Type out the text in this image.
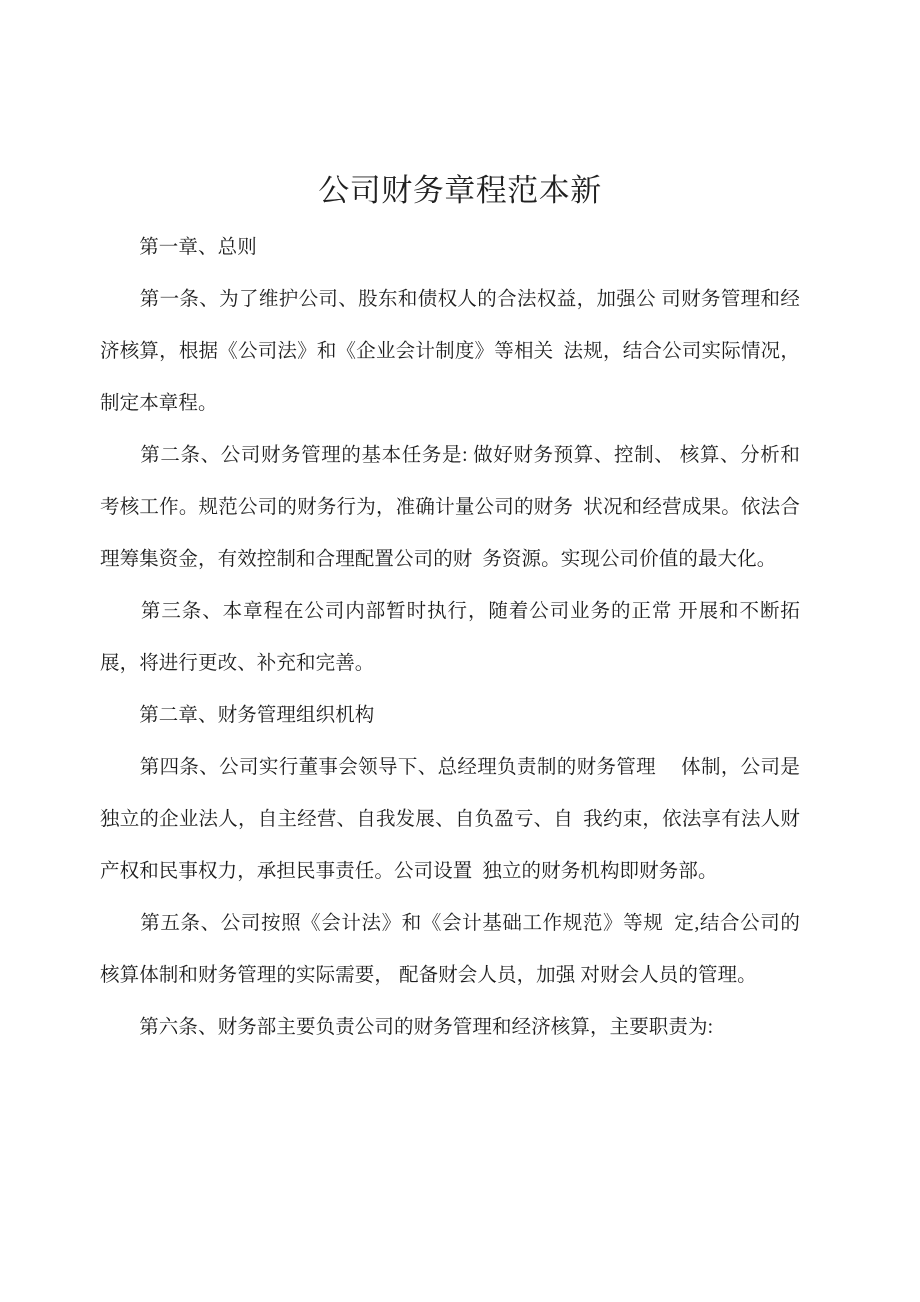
公司财务章程范本新

　　第一章、总则

　　第一条、为了维护公司、股东和债权人的合法权益，加强公 司财务管理和经济核算，根据《公司法》和《企业会计制度》等相关  法规，结合公司实际情况，制定本章程。

　　第二条、公司财务管理的基本任务是: 做好财务预算、控制、 核算、分析和考核工作。规范公司的财务行为，准确计量公司的财务  状况和经营成果。依法合理筹集资金，有效控制和合理配置公司的财  务资源。实现公司价值的最大化。

　　第三条、本章程在公司内部暂时执行，随着公司业务的正常 开展和不断拓展，将进行更改、补充和完善。

　　第二章、财务管理组织机构

　　第四条、公司实行董事会领导下、总经理负责制的财务管理　 体制，公司是独立的企业法人，自主经营、自我发展、自负盈亏、自  我约束，依法享有法人财产权和民事权力，承担民事责任。公司设置  独立的财务机构即财务部。

　　第五条、公司按照《会计法》和《会计基础工作规范》等规  定,结合公司的核算体制和财务管理的实际需要， 配备财会人员，加强 对财会人员的管理。

　　第六条、财务部主要负责公司的财务管理和经济核算，主要职责为:
